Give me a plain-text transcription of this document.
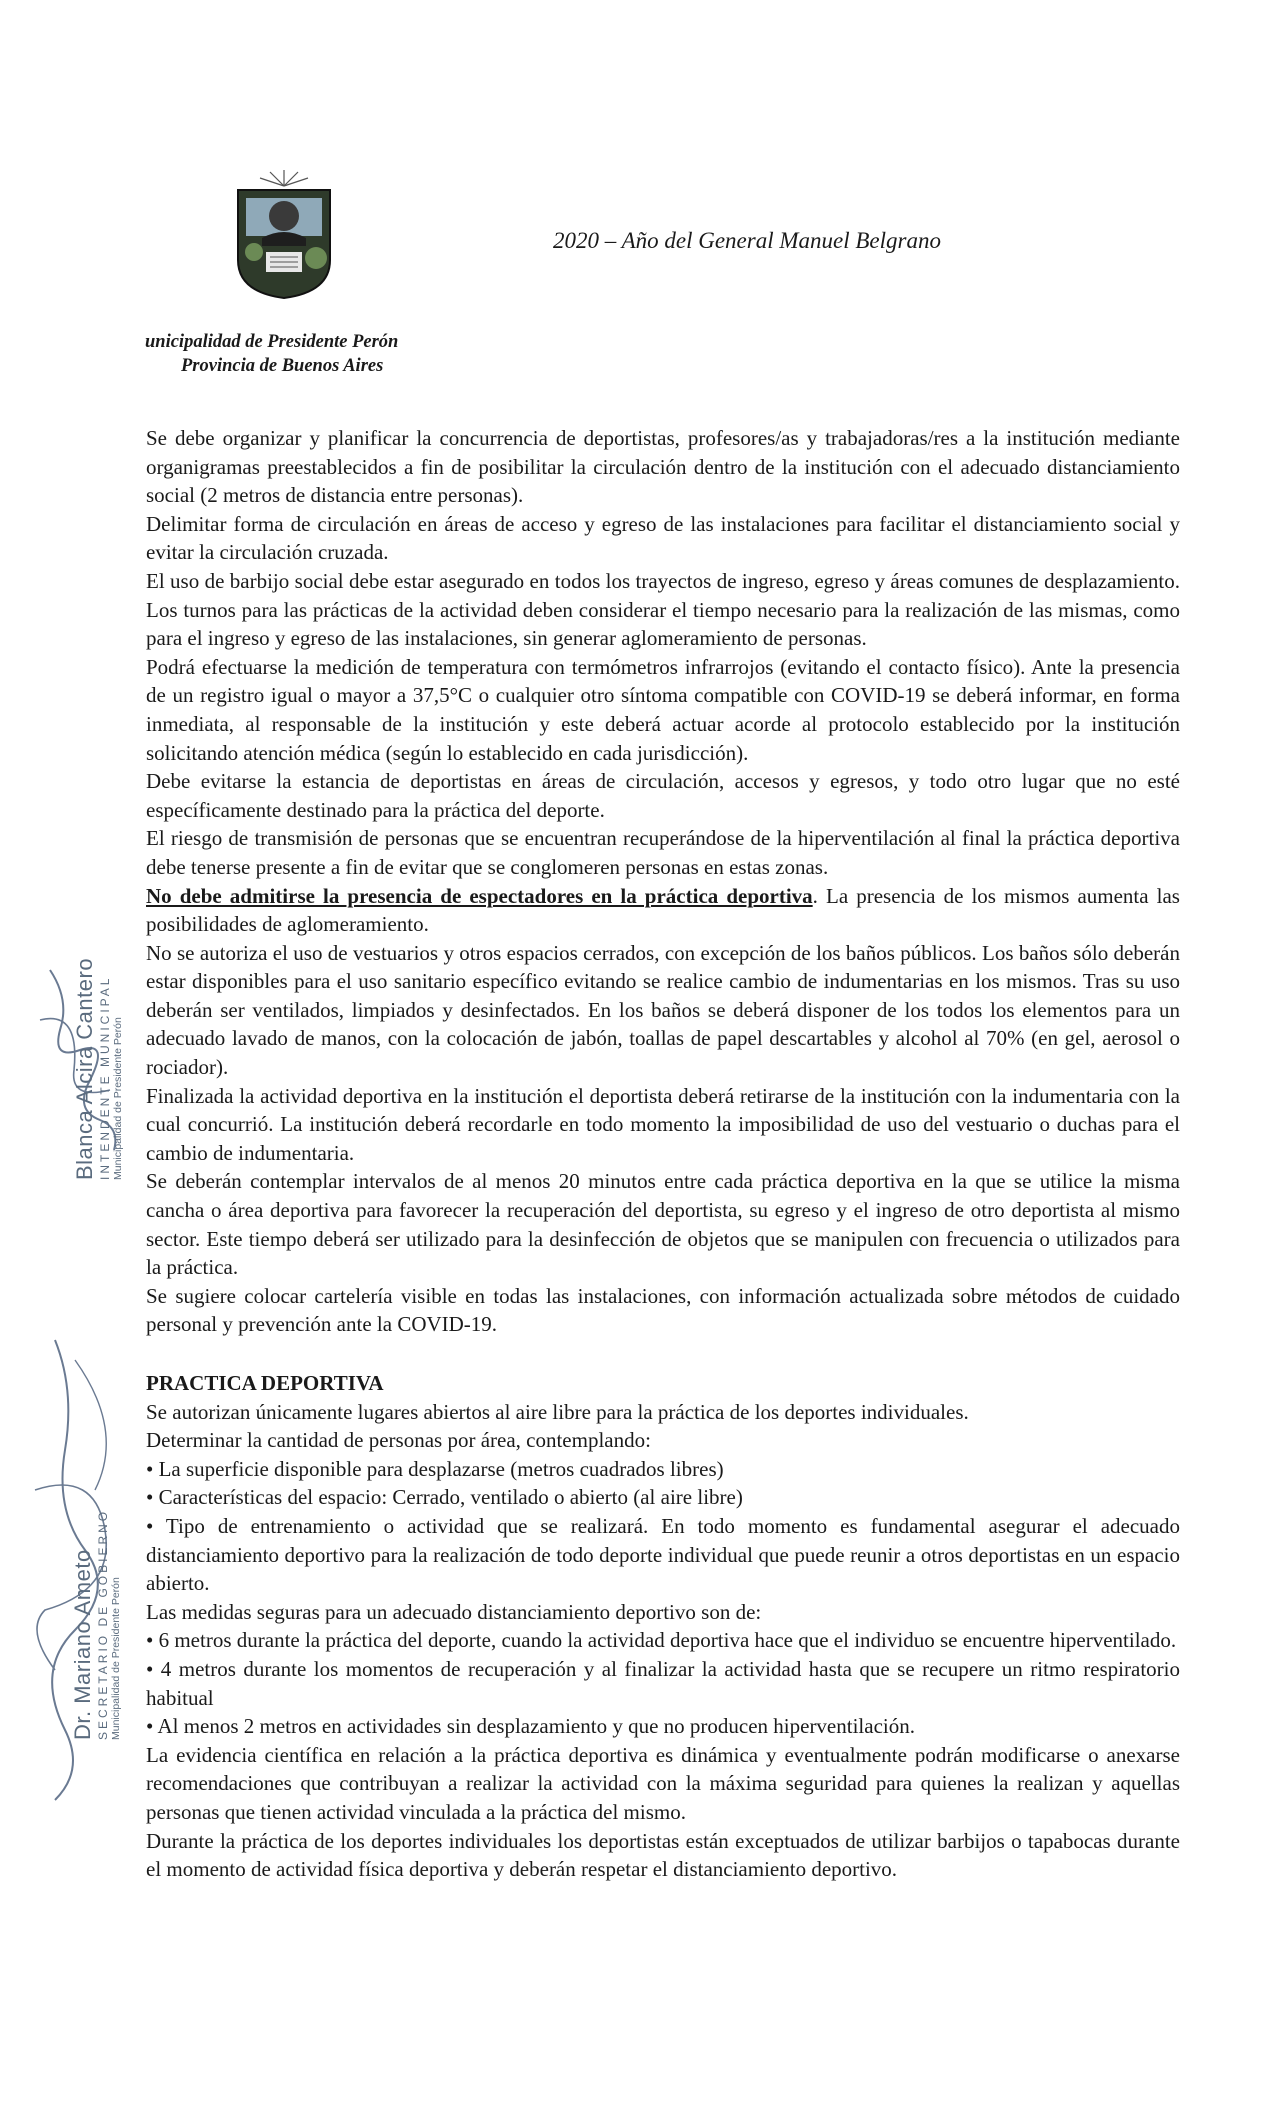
2020 – Año del General Manuel Belgrano
unicipalidad de Presidente Perón
Provincia de Buenos Aires

Se debe organizar y planificar la concurrencia de deportistas, profesores/as y trabajadoras/res a la institución mediante organigramas preestablecidos a fin de posibilitar la circulación dentro de la institución con el adecuado distanciamiento social (2 metros de distancia entre personas).

Delimitar forma de circulación en áreas de acceso y egreso de las instalaciones para facilitar el distanciamiento social y evitar la circulación cruzada.

El uso de barbijo social debe estar asegurado en todos los trayectos de ingreso, egreso y áreas comunes de desplazamiento. Los turnos para las prácticas de la actividad deben considerar el tiempo necesario para la realización de las mismas, como para el ingreso y egreso de las instalaciones, sin generar aglomeramiento de personas.

Podrá efectuarse la medición de temperatura con termómetros infrarrojos (evitando el contacto físico). Ante la presencia de un registro igual o mayor a 37,5°C o cualquier otro síntoma compatible con COVID-19 se deberá informar, en forma inmediata, al responsable de la institución y este deberá actuar acorde al protocolo establecido por la institución solicitando atención médica (según lo establecido en cada jurisdicción).

Debe evitarse la estancia de deportistas en áreas de circulación, accesos y egresos, y todo otro lugar que no esté específicamente destinado para la práctica del deporte.

El riesgo de transmisión de personas que se encuentran recuperándose de la hiperventilación al final la práctica deportiva debe tenerse presente a fin de evitar que se conglomeren personas en estas zonas.

No debe admitirse la presencia de espectadores en la práctica deportiva. La presencia de los mismos aumenta las posibilidades de aglomeramiento.

No se autoriza el uso de vestuarios y otros espacios cerrados, con excepción de los baños públicos. Los baños sólo deberán estar disponibles para el uso sanitario específico evitando se realice cambio de indumentarias en los mismos. Tras su uso deberán ser ventilados, limpiados y desinfectados. En los baños se deberá disponer de los todos los elementos para un adecuado lavado de manos, con la colocación de jabón, toallas de papel descartables y alcohol al 70% (en gel, aerosol o rociador).

Finalizada la actividad deportiva en la institución el deportista deberá retirarse de la institución con la indumentaria con la cual concurrió. La institución deberá recordarle en todo momento la imposibilidad de uso del vestuario o duchas para el cambio de indumentaria.

Se deberán contemplar intervalos de al menos 20 minutos entre cada práctica deportiva en la que se utilice la misma cancha o área deportiva para favorecer la recuperación del deportista, su egreso y el ingreso de otro deportista al mismo sector. Este tiempo deberá ser utilizado para la desinfección de objetos que se manipulen con frecuencia o utilizados para la práctica.

Se sugiere colocar cartelería visible en todas las instalaciones, con información actualizada sobre métodos de cuidado personal y prevención ante la COVID-19.

PRACTICA DEPORTIVA

Se autorizan únicamente lugares abiertos al aire libre para la práctica de los deportes individuales.

Determinar la cantidad de personas por área, contemplando:

• La superficie disponible para desplazarse (metros cuadrados libres)

• Características del espacio: Cerrado, ventilado o abierto (al aire libre)

• Tipo de entrenamiento o actividad que se realizará. En todo momento es fundamental asegurar el adecuado distanciamiento deportivo para la realización de todo deporte individual que puede reunir a otros deportistas en un espacio abierto.

Las medidas seguras para un adecuado distanciamiento deportivo son de:

• 6 metros durante la práctica del deporte, cuando la actividad deportiva hace que el individuo se encuentre hiperventilado.

• 4 metros durante los momentos de recuperación y al finalizar la actividad hasta que se recupere un ritmo respiratorio habitual

• Al menos 2 metros en actividades sin desplazamiento y que no producen hiperventilación.

La evidencia científica en relación a la práctica deportiva es dinámica y eventualmente podrán modificarse o anexarse recomendaciones que contribuyan a realizar la actividad con la máxima seguridad para quienes la realizan y aquellas personas que tienen actividad vinculada a la práctica del mismo.

Durante la práctica de los deportes individuales los deportistas están exceptuados de utilizar barbijos o tapabocas durante el momento de actividad física deportiva y deberán respetar el distanciamiento deportivo.

Blanca Alcira Cantero INTENDENTE MUNICIPAL Municipalidad de Presidente Perón
Dr. Mariano Ameto SECRETARIO DE GOBIERNO Municipalidad de Presidente Perón
